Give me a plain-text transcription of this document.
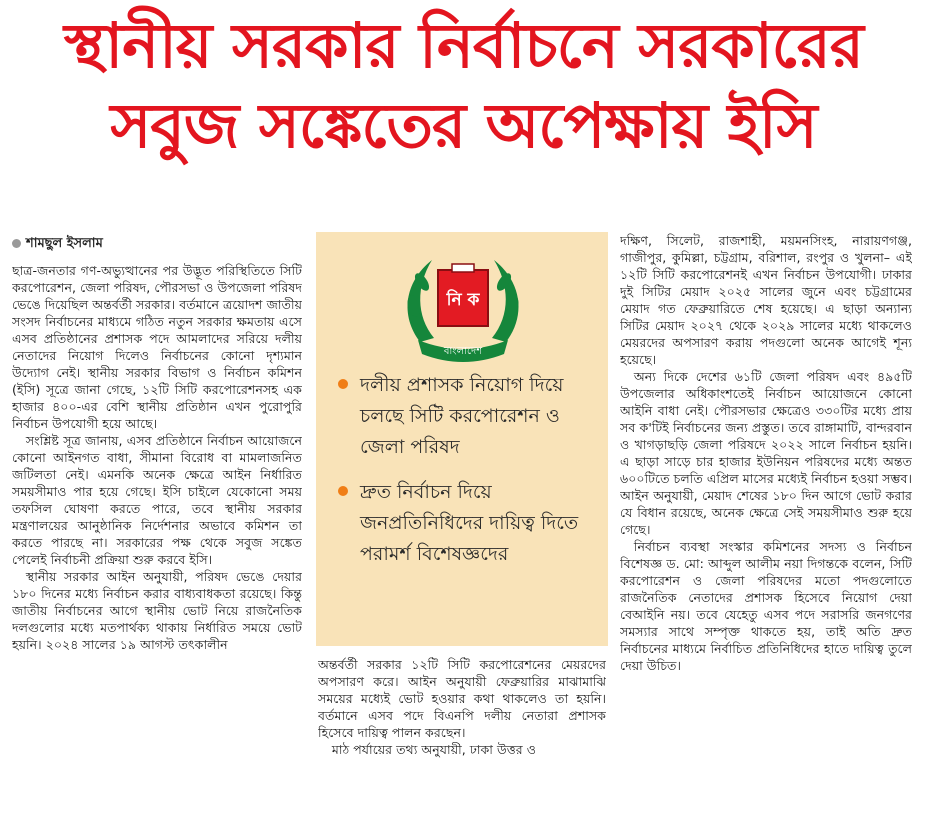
স্থানীয় সরকার নির্বাচনে সরকারের
সবুজ সঙ্কেতের অপেক্ষায় ইসি
শামছুল ইসলাম

ছাত্র-জনতার গণ-অভ্যুত্থানের পর উদ্ভূত পরিস্থিতিতে সিটি করপোরেশন, জেলা পরিষদ, পৌরসভা ও উপজেলা পরিষদ ভেঙে দিয়েছিল অন্তর্বর্তী সরকার। বর্তমানে ত্রয়োদশ জাতীয় সংসদ নির্বাচনের মাধ্যমে গঠিত নতুন সরকার ক্ষমতায় এসে এসব প্রতিষ্ঠানের প্রশাসক পদে আমলাদের সরিয়ে দলীয় নেতাদের নিয়োগ দিলেও নির্বাচনের কোনো দৃশ্যমান উদ্যোগ নেই। স্থানীয় সরকার বিভাগ ও নির্বাচন কমিশন (ইসি) সূত্রে জানা গেছে, ১২টি সিটি করপোরেশনসহ এক হাজার ৪০০-এর বেশি স্থানীয় প্রতিষ্ঠান এখন পুরোপুরি নির্বাচন উপযোগী হয়ে আছে।

সংশ্লিষ্ট সূত্র জানায়, এসব প্রতিষ্ঠানে নির্বাচন আয়োজনে কোনো আইনগত বাধা, সীমানা বিরোধ বা মামলাজনিত জটিলতা নেই। এমনকি অনেক ক্ষেত্রে আইন নির্ধারিত সময়সীমাও পার হয়ে গেছে। ইসি চাইলে যেকোনো সময় তফসিল ঘোষণা করতে পারে, তবে স্থানীয় সরকার মন্ত্রণালয়ের আনুষ্ঠানিক নির্দেশনার অভাবে কমিশন তা করতে পারছে না। সরকারের পক্ষ থেকে সবুজ সঙ্কেত পেলেই নির্বাচনী প্রক্রিয়া শুরু করবে ইসি।

স্থানীয় সরকার আইন অনুযায়ী, পরিষদ ভেঙে দেয়ার ১৮০ দিনের মধ্যে নির্বাচন করার বাধ্যবাধকতা রয়েছে। কিন্তু জাতীয় নির্বাচনের আগে স্থানীয় ভোট নিয়ে রাজনৈতিক দলগুলোর মধ্যে মতপার্থক্য থাকায় নির্ধারিত সময়ে ভোট হয়নি। ২০২৪ সালের ১৯ আগস্ট তৎকালীন

নি ক
বাংলাদেশ
দলীয় প্রশাসক নিয়োগ দিয়ে চলছে সিটি করপোরেশন ও জেলা পরিষদ
দ্রুত নির্বাচন দিয়ে জনপ্রতিনিধিদের দায়িত্ব দিতে পরামর্শ বিশেষজ্ঞদের

অন্তর্বর্তী সরকার ১২টি সিটি করপোরেশনের মেয়রদের অপসারণ করে। আইন অনুযায়ী ফেব্রুয়ারির মাঝামাঝি সময়ের মধ্যেই ভোট হওয়ার কথা থাকলেও তা হয়নি। বর্তমানে এসব পদে বিএনপি দলীয় নেতারা প্রশাসক হিসেবে দায়িত্ব পালন করছেন।

মাঠ পর্যায়ের তথ্য অনুযায়ী, ঢাকা উত্তর ও

দক্ষিণ, সিলেট, রাজশাহী, ময়মনসিংহ, নারায়ণগঞ্জ, গাজীপুর, কুমিল্লা, চট্টগ্রাম, বরিশাল, রংপুর ও খুলনা– এই ১২টি সিটি করপোরেশনই এখন নির্বাচন উপযোগী। ঢাকার দুই সিটির মেয়াদ ২০২৫ সালের জুনে এবং চট্টগ্রামের মেয়াদ গত ফেব্রুয়ারিতে শেষ হয়েছে। এ ছাড়া অন্যান্য সিটির মেয়াদ ২০২৭ থেকে ২০২৯ সালের মধ্যে থাকলেও মেয়রদের অপসারণ করায় পদগুলো অনেক আগেই শূন্য হয়েছে।

অন্য দিকে দেশের ৬১টি জেলা পরিষদ এবং ৪৯৫টি উপজেলার অধিকাংশতেই নির্বাচন আয়োজনে কোনো আইনি বাধা নেই। পৌরসভার ক্ষেত্রেও ৩৩০টির মধ্যে প্রায় সব ক'টিই নির্বাচনের জন্য প্রস্তুত। তবে রাঙ্গামাটি, বান্দরবান ও খাগড়াছড়ি জেলা পরিষদে ২০২২ সালে নির্বাচন হয়নি। এ ছাড়া সাড়ে চার হাজার ইউনিয়ন পরিষদের মধ্যে অন্তত ৬০০টিতে চলতি এপ্রিল মাসের মধ্যেই নির্বাচন হওয়া সম্ভব। আইন অনুযায়ী, মেয়াদ শেষের ১৮০ দিন আগে ভোট করার যে বিধান রয়েছে, অনেক ক্ষেত্রে সেই সময়সীমাও শুরু হয়ে গেছে।

নির্বাচন ব্যবস্থা সংস্কার কমিশনের সদস্য ও নির্বাচন বিশেষজ্ঞ ড. মো: আব্দুল আলীম নয়া দিগন্তকে বলেন, সিটি করপোরেশন ও জেলা পরিষদের মতো পদগুলোতে রাজনৈতিক নেতাদের প্রশাসক হিসেবে নিয়োগ দেয়া বেআইনি নয়। তবে যেহেতু এসব পদে সরাসরি জনগণের সমস্যার সাথে সম্পৃক্ত থাকতে হয়, তাই অতি দ্রুত নির্বাচনের মাধ্যমে নির্বাচিত প্রতিনিধিদের হাতে দায়িত্ব তুলে দেয়া উচিত।
